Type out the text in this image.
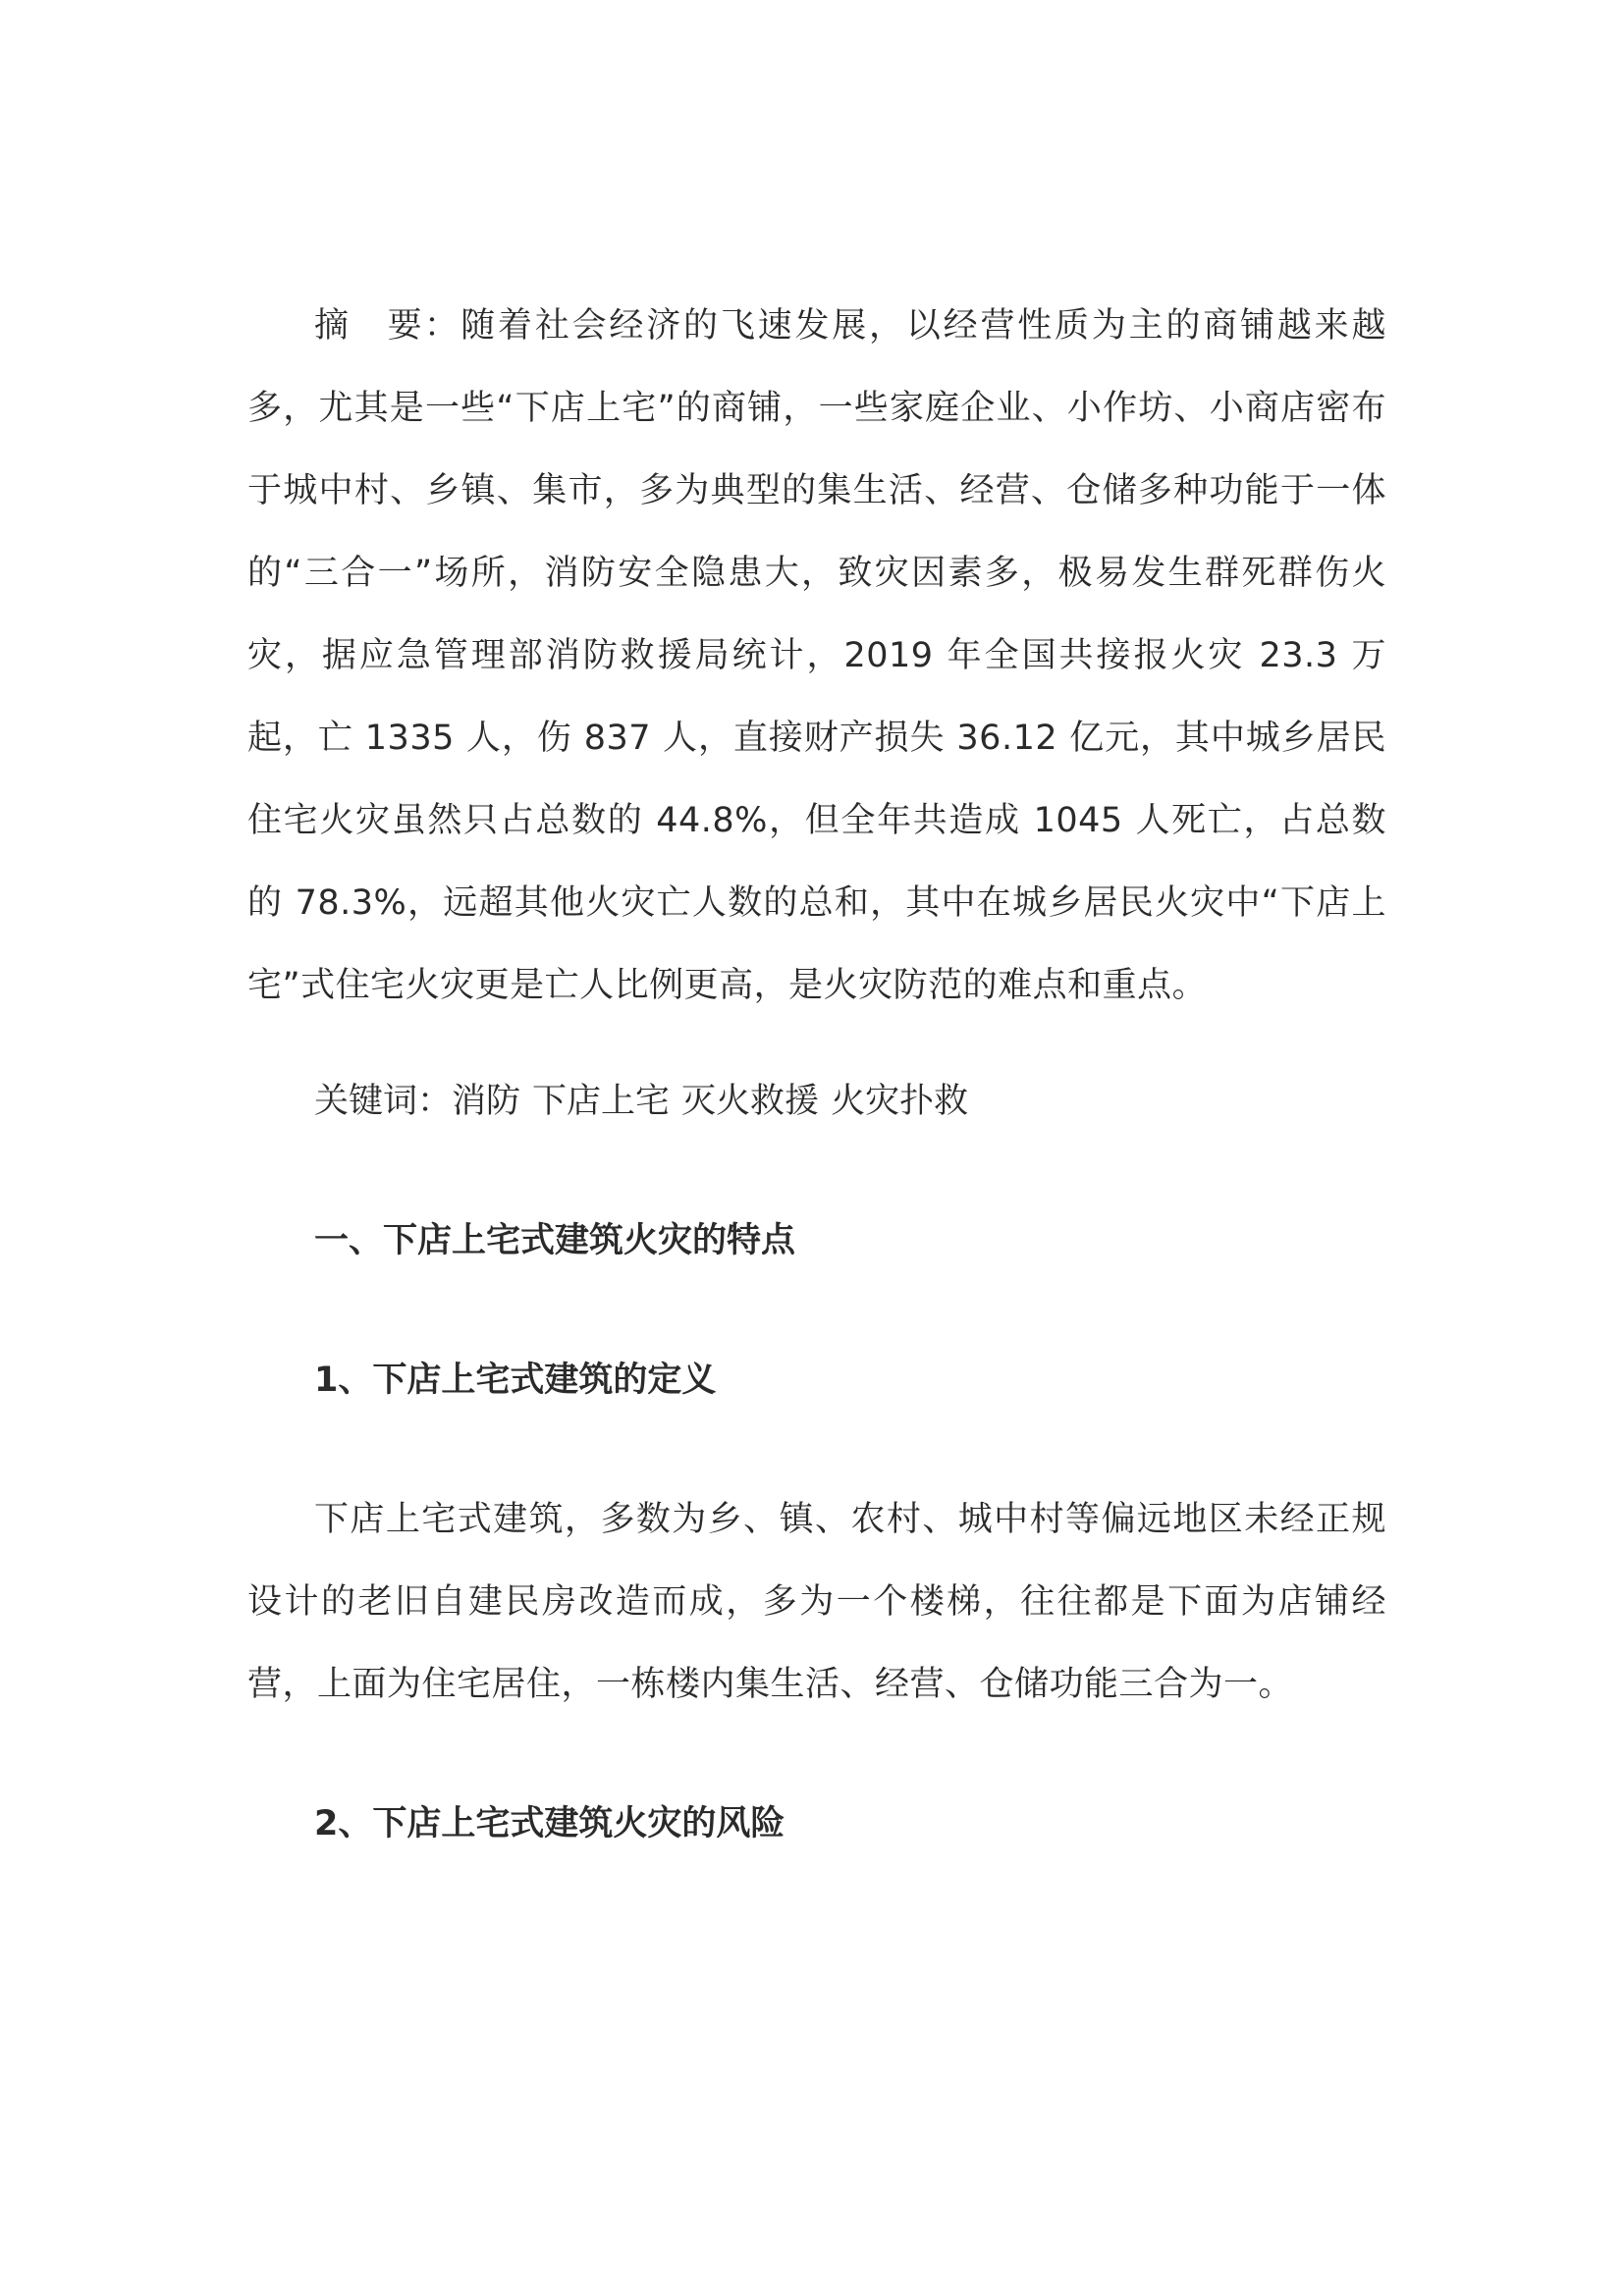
摘　要：随着社会经济的飞速发展，以经营性质为主的商铺越来越多，尤其是一些“下店上宅”的商铺，一些家庭企业、小作坊、小商店密布于城中村、乡镇、集市，多为典型的集生活、经营、仓储多种功能于一体的“三合一”场所，消防安全隐患大，致灾因素多，极易发生群死群伤火灾，据应急管理部消防救援局统计，2019 年全国共接报火灾 23.3 万起，亡 1335 人，伤 837 人，直接财产损失 36.12 亿元，其中城乡居民住宅火灾虽然只占总数的 44.8%，但全年共造成 1045 人死亡，占总数的 78.3%，远超其他火灾亡人数的总和，其中在城乡居民火灾中“下店上宅”式住宅火灾更是亡人比例更高，是火灾防范的难点和重点。

关键词：消防 下店上宅 灭火救援 火灾扑救

一、下店上宅式建筑火灾的特点
1、下店上宅式建筑的定义

下店上宅式建筑，多数为乡、镇、农村、城中村等偏远地区未经正规设计的老旧自建民房改造而成，多为一个楼梯，往往都是下面为店铺经营，上面为住宅居住，一栋楼内集生活、经营、仓储功能三合为一。

2、下店上宅式建筑火灾的风险
